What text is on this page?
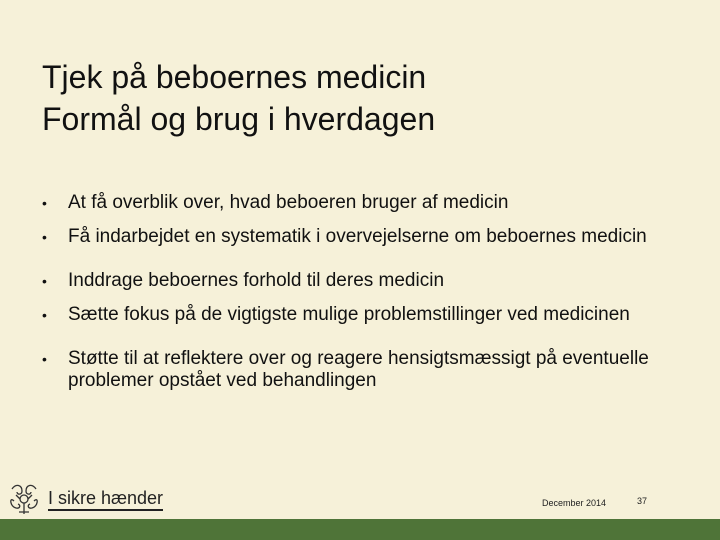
Tjek på beboernes medicin
Formål og brug i hverdagen
• At få overblik over, hvad beboeren bruger af medicin
• Få indarbejdet en systematik i overvejelserne om beboernes medicin
• Inddrage beboernes forhold til deres medicin
• Sætte fokus på de vigtigste mulige problemstillinger ved medicinen
• Støtte til at reflektere over og reagere hensigtsmæssigt på eventuelle problemer opstået ved behandlingen
I sikre hænder	December 2014	37
